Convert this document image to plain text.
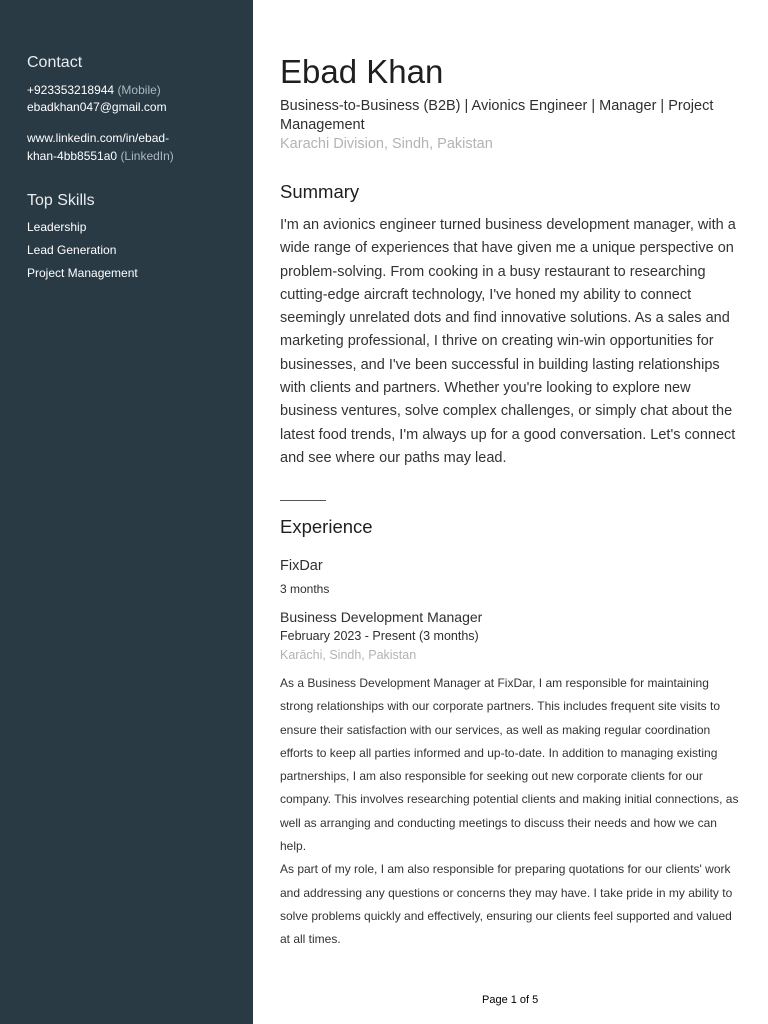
Contact
+923353218944 (Mobile)
ebadkhan047@gmail.com
www.linkedin.com/in/ebad-
khan-4bb8551a0 (LinkedIn)
Top Skills
Leadership
Lead Generation
Project Management
Ebad Khan
Business-to-Business (B2B) | Avionics Engineer | Manager | Project Management
Karachi Division, Sindh, Pakistan
Summary
I'm an avionics engineer turned business development manager, with a wide range of experiences that have given me a unique perspective on problem-solving. From cooking in a busy restaurant to researching cutting-edge aircraft technology, I've honed my ability to connect seemingly unrelated dots and find innovative solutions. As a sales and marketing professional, I thrive on creating win-win opportunities for businesses, and I've been successful in building lasting relationships with clients and partners. Whether you're looking to explore new business ventures, solve complex challenges, or simply chat about the latest food trends, I'm always up for a good conversation. Let's connect and see where our paths may lead.
Experience
FixDar
3 months
Business Development Manager
February 2023 - Present (3 months)
Karāchi, Sindh, Pakistan
As a Business Development Manager at FixDar, I am responsible for maintaining strong relationships with our corporate partners. This includes frequent site visits to ensure their satisfaction with our services, as well as making regular coordination efforts to keep all parties informed and up-to-date. In addition to managing existing partnerships, I am also responsible for seeking out new corporate clients for our company. This involves researching potential clients and making initial connections, as well as arranging and conducting meetings to discuss their needs and how we can help.
As part of my role, I am also responsible for preparing quotations for our clients' work and addressing any questions or concerns they may have. I take pride in my ability to solve problems quickly and effectively, ensuring our clients feel supported and valued at all times.
Page 1 of 5
